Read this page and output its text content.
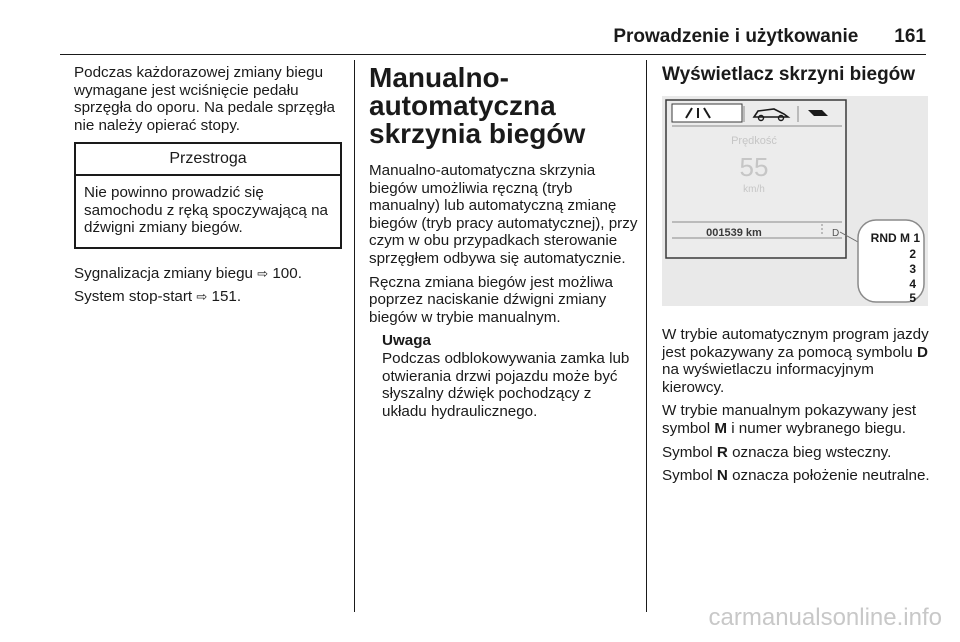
Prowadzenie i użytkowanie 161

Podczas każdorazowej zmiany biegu wymagane jest wciśnięcie pedału sprzęgła do oporu. Na pedale sprzęgła nie należy opierać stopy.

Przestroga
Nie powinno prowadzić się samochodu z ręką spoczywającą na dźwigni zmiany biegów.

Sygnalizacja zmiany biegu ⇨ 100.

System stop-start ⇨ 151.

Manualno-automatyczna skrzynia biegów

Manualno-automatyczna skrzynia biegów umożliwia ręczną (tryb manualny) lub automatyczną zmianę biegów (tryb pracy automatycznej), przy czym w obu przypadkach sterowanie sprzęgłem odbywa się automatycznie.

Ręczna zmiana biegów jest możliwa poprzez naciskanie dźwigni zmiany biegów w trybie manualnym.

Uwaga
Podczas odblokowywania zamka lub otwierania drzwi pojazdu może być słyszalny dźwięk pochodzący z układu hydraulicznego.
Wyświetlacz skrzyni biegów
Prędkość
55
km/h
001539 km	D	RND M 1
2
3
4
5

W trybie automatycznym program jazdy jest pokazywany za pomocą symbolu D na wyświetlaczu informacyjnym kierowcy.

W trybie manualnym pokazywany jest symbol M i numer wybranego biegu.

Symbol R oznacza bieg wsteczny.

Symbol N oznacza położenie neutralne.

carmanualsonline.info
